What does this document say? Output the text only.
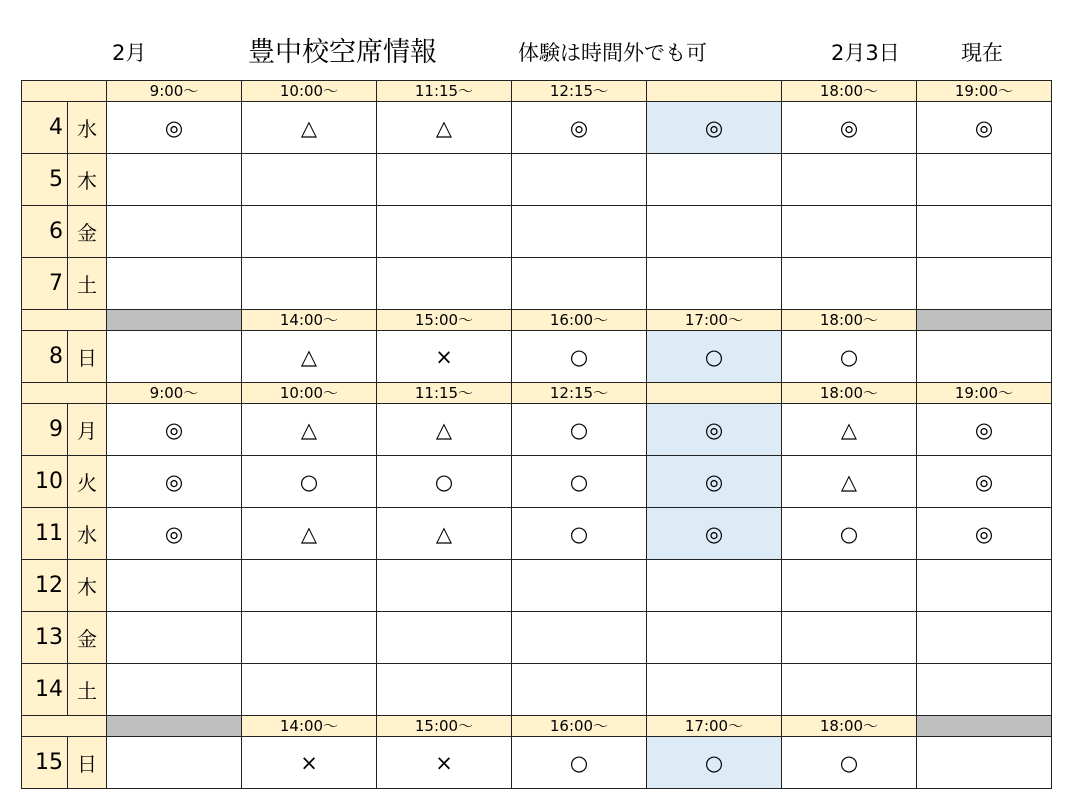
2月	豊中校空席情報	体験は時間外でも可	2月3日	現在
		9:00～	10:00～	11:15～	12:15～		18:00～	19:00～
4	水	◎	△	△	◎	◎	◎	◎
5	木							
6	金							
7	土							
			14:00～	15:00～	16:00～	17:00～	18:00～	
8	日		△	×	○	○	○	
		9:00～	10:00～	11:15～	12:15～		18:00～	19:00～
9	月	◎	△	△	○	◎	△	◎
10	火	◎	○	○	○	◎	△	◎
11	水	◎	△	△	○	◎	○	◎
12	木							
13	金							
14	土							
			14:00～	15:00～	16:00～	17:00～	18:00～	
15	日		×	×	○	○	○	
